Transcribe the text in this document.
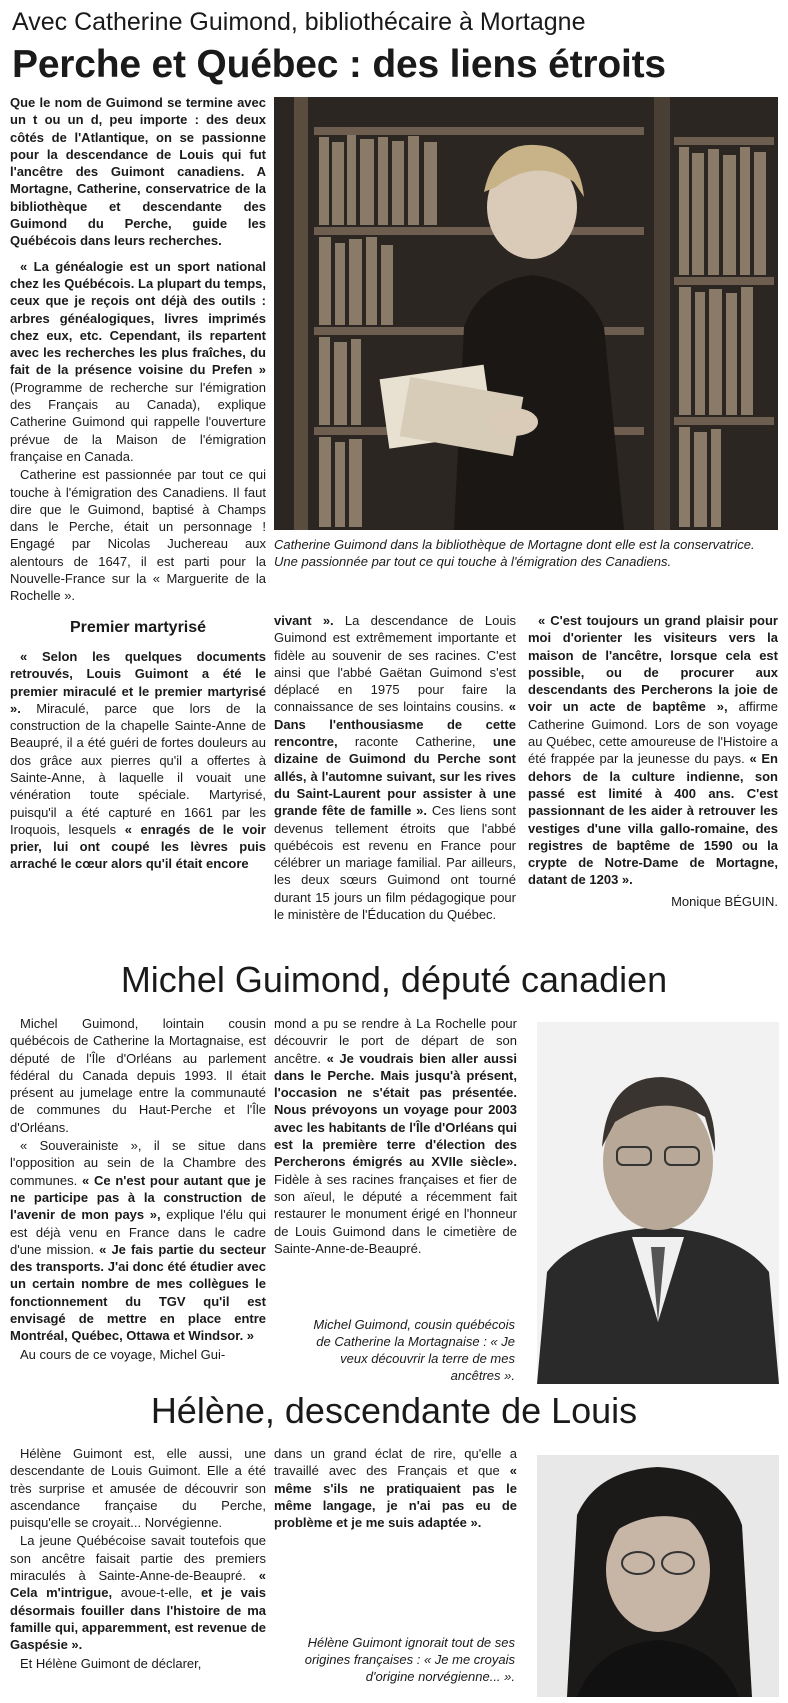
Avec Catherine Guimond, bibliothécaire à Mortagne
Perche et Québec : des liens étroits

Que le nom de Guimond se termine avec un t ou un d, peu importe : des deux côtés de l'Atlantique, on se passionne pour la descendance de Louis qui fut l'ancêtre des Guimont canadiens. A Mortagne, Catherine, conservatrice de la bibliothèque et descendante des Guimond du Perche, guide les Québécois dans leurs recherches.

« La généalogie est un sport national chez les Québécois. La plupart du temps, ceux que je reçois ont déjà des outils : arbres généalogiques, livres imprimés chez eux, etc. Cependant, ils repartent avec les recherches les plus fraîches, du fait de la présence voisine du Prefen » (Programme de recherche sur l'émigration des Français au Canada), explique Catherine Guimond qui rappelle l'ouverture prévue de la Maison de l'émigration française en Canada.

Catherine est passionnée par tout ce qui touche à l'émigration des Canadiens. Il faut dire que le Guimond, baptisé à Champs dans le Perche, était un personnage ! Engagé par Nicolas Juchereau aux alentours de 1647, il est parti pour la Nouvelle-France sur la « Marguerite de la Rochelle ».

Premier martyrisé

« Selon les quelques documents retrouvés, Louis Guimont a été le premier miraculé et le premier martyrisé ». Miraculé, parce que lors de la construction de la chapelle Sainte-Anne de Beaupré, il a été guéri de fortes douleurs au dos grâce aux pierres qu'il a offertes à Sainte-Anne, à laquelle il vouait une vénération toute spéciale. Martyrisé, puisqu'il a été capturé en 1661 par les Iroquois, lesquels « enragés de le voir prier, lui ont coupé les lèvres puis arraché le cœur alors qu'il était encore

Catherine Guimond dans la bibliothèque de Mortagne dont elle est la conservatrice. Une passionnée par tout ce qui touche à l'émigration des Canadiens.

vivant ». La descendance de Louis Guimond est extrêmement importante et fidèle au souvenir de ses racines. C'est ainsi que l'abbé Gaëtan Guimond s'est déplacé en 1975 pour faire la connaissance de ses lointains cousins. « Dans l'enthousiasme de cette rencontre, raconte Catherine, une dizaine de Guimond du Perche sont allés, à l'automne suivant, sur les rives du Saint-Laurent pour assister à une grande fête de famille ». Ces liens sont devenus tellement étroits que l'abbé québécois est revenu en France pour célébrer un mariage familial. Par ailleurs, les deux sœurs Guimond ont tourné durant 15 jours un film pédagogique pour le ministère de l'Éducation du Québec.

« C'est toujours un grand plaisir pour moi d'orienter les visiteurs vers la maison de l'ancêtre, lorsque cela est possible, ou de procurer aux descendants des Percherons la joie de voir un acte de baptême », affirme Catherine Guimond. Lors de son voyage au Québec, cette amoureuse de l'Histoire a été frappée par la jeunesse du pays. « En dehors de la culture indienne, son passé est limité à 400 ans. C'est passionnant de les aider à retrouver les vestiges d'une villa gallo-romaine, des registres de baptême de 1590 ou la crypte de Notre-Dame de Mortagne, datant de 1203 ».

Monique BÉGUIN.
Michel Guimond, député canadien

Michel Guimond, lointain cousin québécois de Catherine la Mortagnaise, est député de l'Île d'Orléans au parlement fédéral du Canada depuis 1993. Il était présent au jumelage entre la communauté de communes du Haut-Perche et l'Île d'Orléans.

« Souverainiste », il se situe dans l'opposition au sein de la Chambre des communes. « Ce n'est pour autant que je ne participe pas à la construction de l'avenir de mon pays », explique l'élu qui est déjà venu en France dans le cadre d'une mission. « Je fais partie du secteur des transports. J'ai donc été étudier avec un certain nombre de mes collègues le fonctionnement du TGV qu'il est envisagé de mettre en place entre Montréal, Québec, Ottawa et Windsor. »

Au cours de ce voyage, Michel Gui-

mond a pu se rendre à La Rochelle pour découvrir le port de départ de son ancêtre. « Je voudrais bien aller aussi dans le Perche. Mais jusqu'à présent, l'occasion ne s'était pas présentée. Nous prévoyons un voyage pour 2003 avec les habitants de l'Île d'Orléans qui est la première terre d'élection des Percherons émigrés au XVIIe siècle». Fidèle à ses racines françaises et fier de son aïeul, le député a récemment fait restaurer le monument érigé en l'honneur de Louis Guimond dans le cimetière de Sainte-Anne-de-Beaupré.

Michel Guimond, cousin québécois de Catherine la Mortagnaise : « Je veux découvrir la terre de mes ancêtres ».
Hélène, descendante de Louis

Hélène Guimont est, elle aussi, une descendante de Louis Guimont. Elle a été très surprise et amusée de découvrir son ascendance française du Perche, puisqu'elle se croyait... Norvégienne.

La jeune Québécoise savait toutefois que son ancêtre faisait partie des premiers miraculés à Sainte-Anne-de-Beaupré. « Cela m'intrigue, avoue-t-elle, et je vais désormais fouiller dans l'histoire de ma famille qui, apparemment, est revenue de Gaspésie ».

Et Hélène Guimont de déclarer,

dans un grand éclat de rire, qu'elle a travaillé avec des Français et que « même s'ils ne pratiquaient pas le même langage, je n'ai pas eu de problème et je me suis adaptée ».

Hélène Guimont ignorait tout de ses origines françaises : « Je me croyais d'origine norvégienne... ».
